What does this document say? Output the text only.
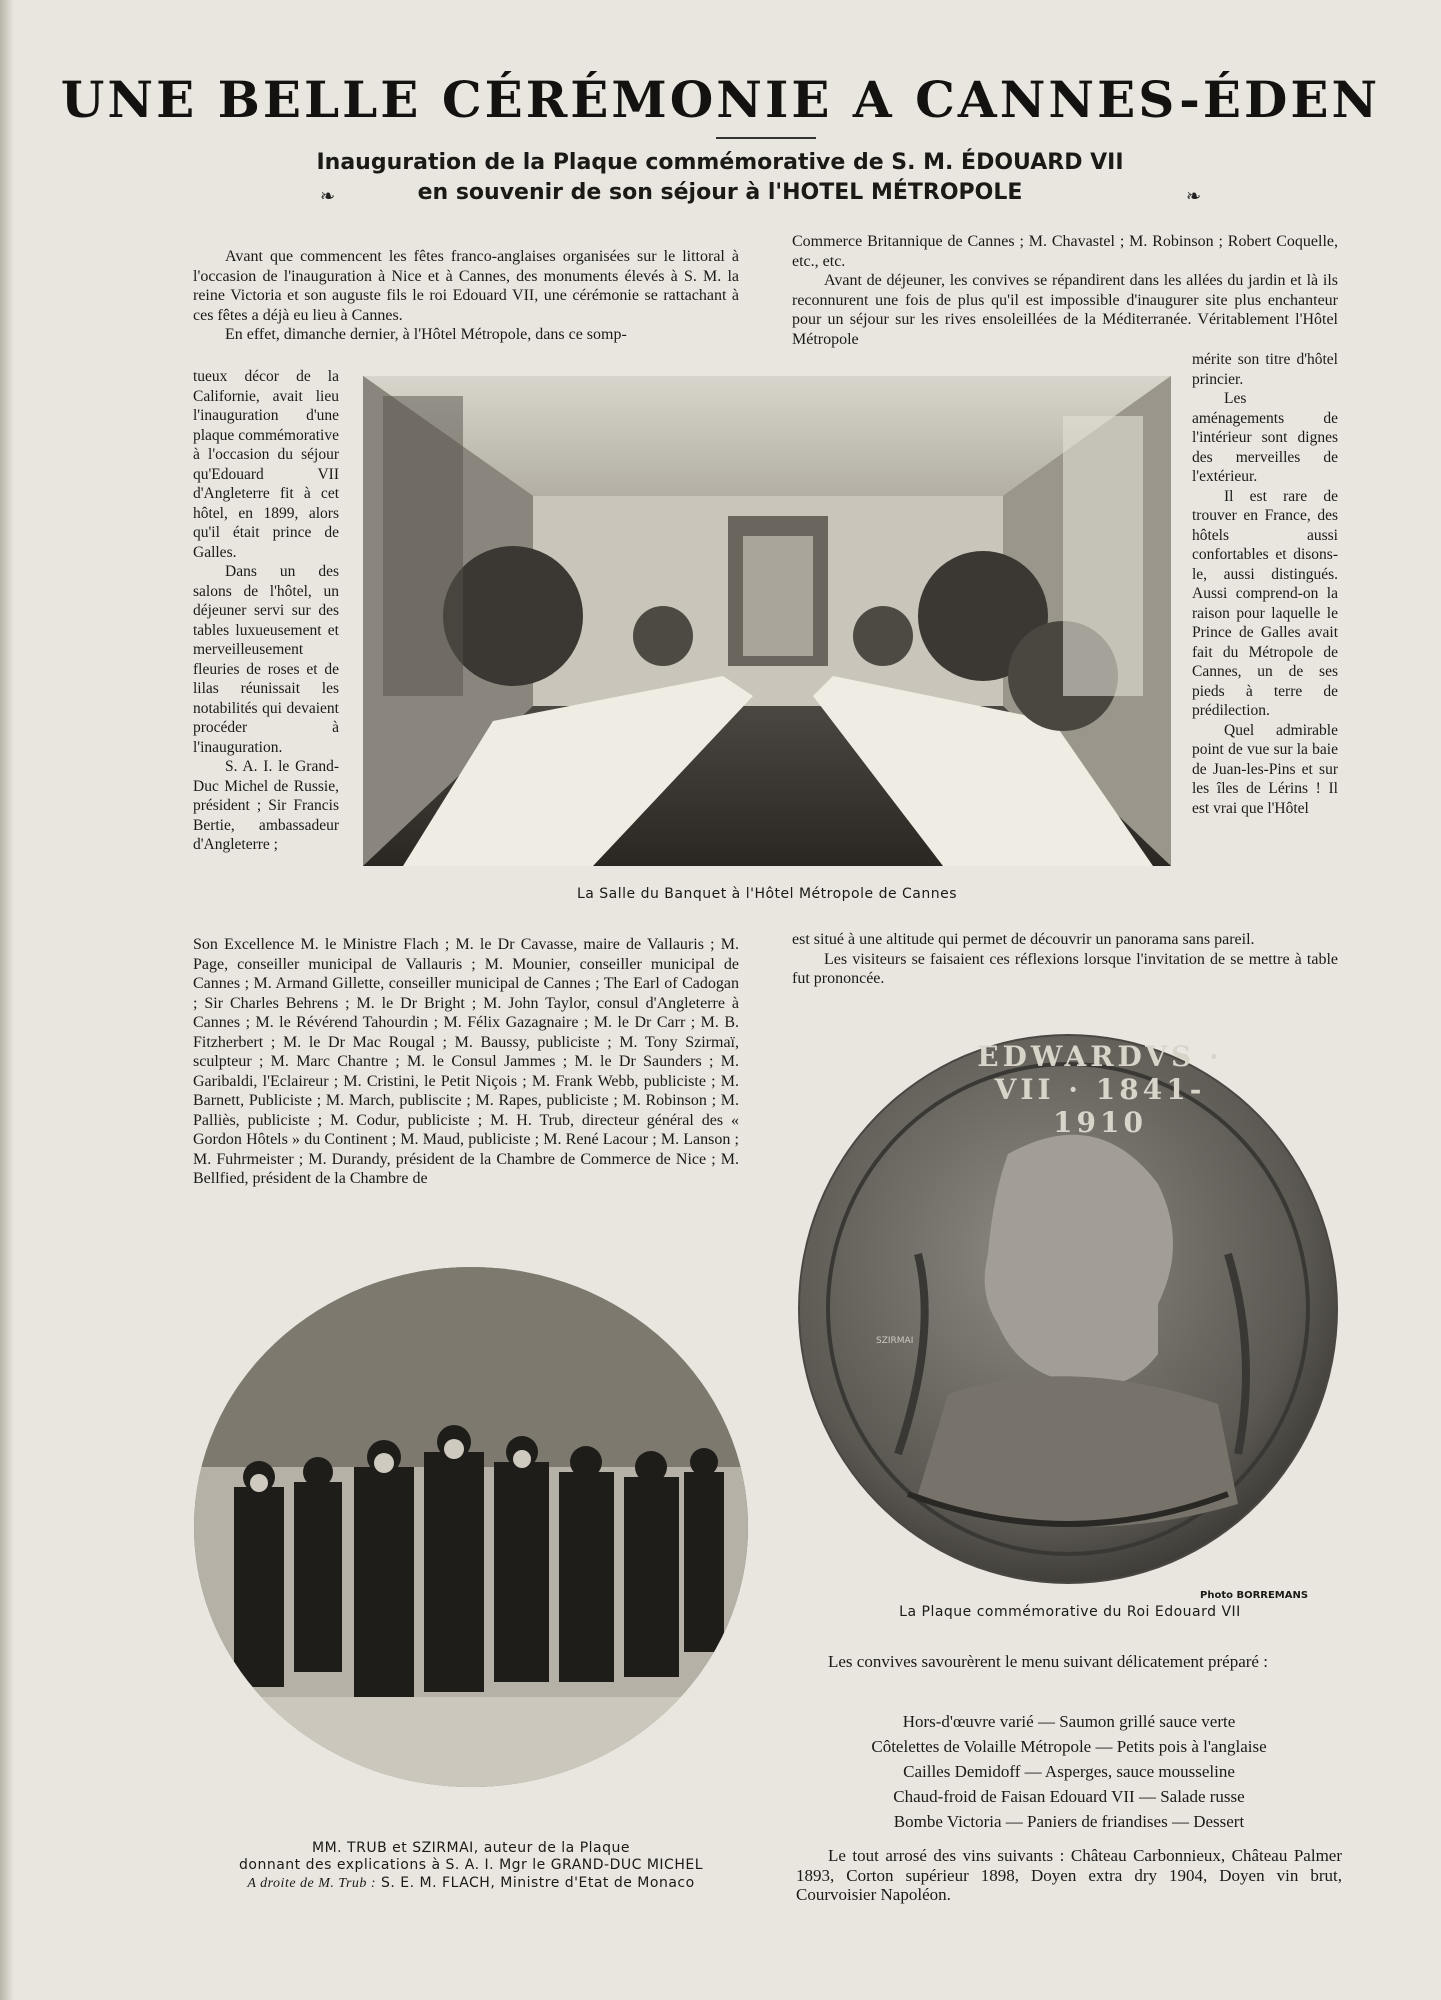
UNE BELLE CÉRÉMONIE A CANNES-ÉDEN
Inauguration de la Plaque commémorative de S. M. ÉDOUARD VII
en souvenir de son séjour à l'HOTEL MÉTROPOLE
❧	❧

Avant que commencent les fêtes franco-anglaises organisées sur le littoral à l'occasion de l'inauguration à Nice et à Cannes, des monuments élevés à S. M. la reine Victoria et son auguste fils le roi Edouard VII, une cérémonie se rattachant à ces fêtes a déjà eu lieu à Cannes.

En effet, dimanche dernier, à l'Hôtel Métropole, dans ce somp-

tueux décor de la Californie, avait lieu l'inauguration d'une plaque commémorative à l'occasion du séjour qu'Edouard VII d'Angleterre fit à cet hôtel, en 1899, alors qu'il était prince de Galles.

Dans un des salons de l'hôtel, un déjeuner servi sur des tables luxueusement et merveilleusement fleuries de roses et de lilas réunissait les notabilités qui devaient procéder à l'inauguration.

S. A. I. le Grand-Duc Michel de Russie, président ; Sir Francis Bertie, ambassadeur d'Angleterre ;

Son Excellence M. le Ministre Flach ; M. le Dr Cavasse, maire de Vallauris ; M. Page, conseiller municipal de Vallauris ; M. Mounier, conseiller municipal de Cannes ; M. Armand Gillette, conseiller municipal de Cannes ; The Earl of Cadogan ; Sir Charles Behrens ; M. le Dr Bright ; M. John Taylor, consul d'Angleterre à Cannes ; M. le Révérend Tahourdin ; M. Félix Gazagnaire ; M. le Dr Carr ; M. B. Fitzherbert ; M. le Dr Mac Rougal ; M. Baussy, publiciste ; M. Tony Szirmaï, sculpteur ; M. Marc Chantre ; M. le Consul Jammes ; M. le Dr Saunders ; M. Garibaldi, l'Eclaireur ; M. Cristini, le Petit Niçois ; M. Frank Webb, publiciste ; M. Barnett, Publiciste ; M. March, publiscite ; M. Rapes, publiciste ; M. Robinson ; M. Palliès, publiciste ; M. Codur, publiciste ; M. H. Trub, directeur général des « Gordon Hôtels » du Continent ; M. Maud, publiciste ; M. René Lacour ; M. Lanson ; M. Fuhrmeister ; M. Durandy, président de la Chambre de Commerce de Nice ; M. Bellfied, président de la Chambre de

Commerce Britannique de Cannes ; M. Chavastel ; M. Robinson ; Robert Coquelle, etc., etc.

Avant de déjeuner, les convives se répandirent dans les allées du jardin et là ils reconnurent une fois de plus qu'il est impossible d'inaugurer site plus enchanteur pour un séjour sur les rives ensoleillées de la Méditerranée. Véritablement l'Hôtel Métropole

mérite son titre d'hôtel princier.

Les aménagements de l'intérieur sont dignes des merveilles de l'extérieur.

Il est rare de trouver en France, des hôtels aussi confortables et disons-le, aussi distingués. Aussi comprend-on la raison pour laquelle le Prince de Galles avait fait du Métropole de Cannes, un de ses pieds à terre de prédilection.

Quel admirable point de vue sur la baie de Juan-les-Pins et sur les îles de Lérins ! Il est vrai que l'Hôtel

est situé à une altitude qui permet de découvrir un panorama sans pareil.

Les visiteurs se faisaient ces réflexions lorsque l'invitation de se mettre à table fut prononcée.

La Salle du Banquet à l'Hôtel Métropole de Cannes
EDWARDVS · VII · 1841-1910
SZIRMAI
Photo BORREMANS
La Plaque commémorative du Roi Edouard VII
MM. TRUB et SZIRMAI, auteur de la Plaque
donnant des explications à S. A. I. Mgr le GRAND-DUC MICHEL
A droite de M. Trub : S. E. M. FLACH, Ministre d'Etat de Monaco

Les convives savourèrent le menu suivant délicatement préparé :

Hors-d'œuvre varié — Saumon grillé sauce verte
Côtelettes de Volaille Métropole — Petits pois à l'anglaise
Cailles Demidoff — Asperges, sauce mousseline
Chaud-froid de Faisan Edouard VII — Salade russe
Bombe Victoria — Paniers de friandises — Dessert

Le tout arrosé des vins suivants : Château Carbonnieux, Château Palmer 1893, Corton supérieur 1898, Doyen extra dry 1904, Doyen vin brut, Courvoisier Napoléon.
